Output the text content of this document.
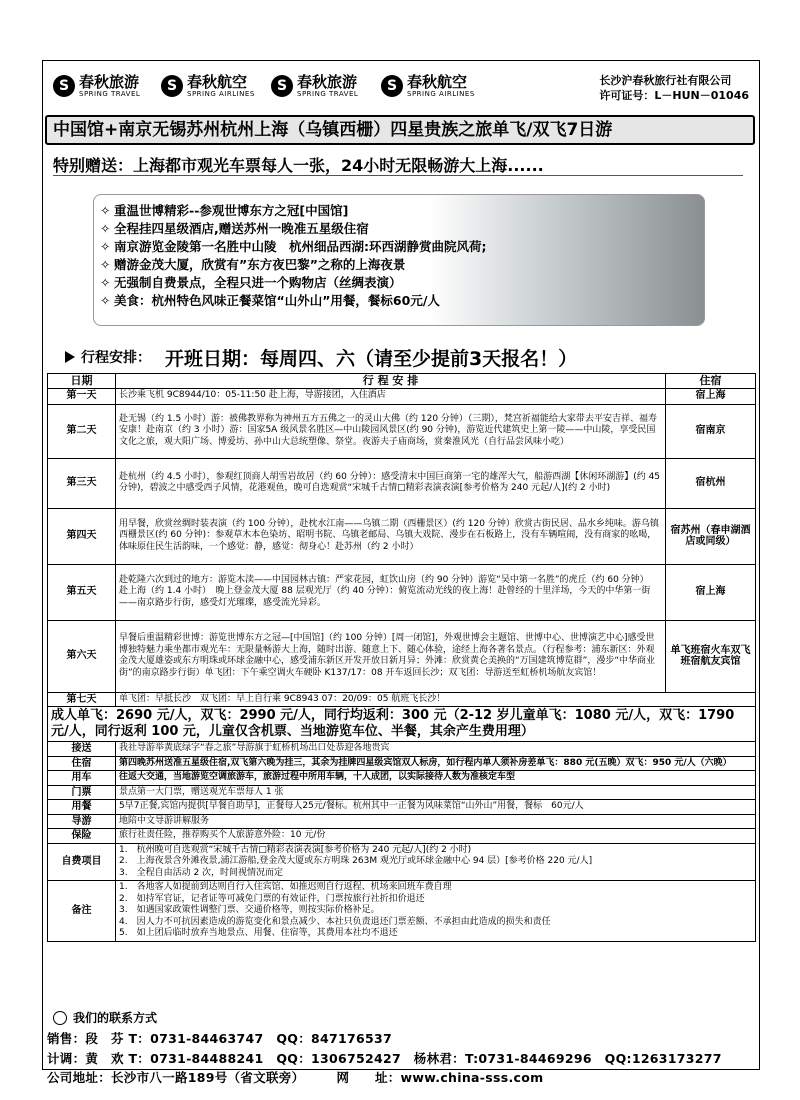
S 春秋旅游
SPRING TRAVEL	S 春秋航空
SPRING AIRLINES	S 春秋旅游
SPRING TRAVEL	S 春秋航空
SPRING AIRLINES
长沙沪春秋旅行社有限公司
许可证号：L－HUN－01046
中国馆+南京无锡苏州杭州上海（乌镇西栅）四星贵族之旅单飞/双飞7日游
特别赠送：上海都市观光车票每人一张，24小时无限畅游大上海......
✧ 重温世博精彩--参观世博东方之冠[中国馆]
✧ 全程挂四星级酒店,赠送苏州一晚准五星级住宿
✧ 南京游览金陵第一名胜中山陵　杭州细品西湖:环西湖静赏曲院风荷;
✧ 赠游金茂大厦，欣赏有”东方夜巴黎”之称的上海夜景
✧ 无强制自费景点，全程只进一个购物店（丝绸表演）
✧ 美食：杭州特色风味正餐菜馆“山外山”用餐，餐标60元/人
行程安排： 开班日期：每周四、六（请至少提前3天报名！）
日期	行 程 安 排	住宿
第一天	长沙乘飞机 9C8944/10：05-11:50 赴上海，导游接团，入住酒店	宿上海
第二天	赴无锡（约 1.5 小时）游：被佛教界称为神州五方五佛之一的灵山大佛（约 120 分钟）（三期），梵宫祈福能给大家带去平安吉祥、福寿安康！赴南京（约 3 小时）游：国家5A 级风景名胜区—中山陵园风景区(约 90 分钟)，游览近代建筑史上第一陵——中山陵，享受民国文化之旅，观大阳广场、博爱坊、孙中山大总统塑像、祭堂。夜游夫子庙商场，赏秦淮风光（自行品尝风味小吃）	宿南京
第三天	赴杭州（约 4.5 小时），参观红顶商人胡雪岩故居（约 60 分钟）：感受清末中国巨商第一宅的雄浑大气，船游西湖【休闲环湖游】(约 45 分钟)，碧波之中感受西子风情，花港观鱼，晚可自选观赏“宋城千古情□精彩表演表演[参考价格为 240 元起/人](约 2 小时)	宿杭州
第四天	用早餐，欣赏丝绸时装表演（约 100 分钟），赴枕水江南——乌镇二期（西栅景区）(约 120 分钟）欣赏古街民居、品水乡纯味。游乌镇西栅景区(约 60 分钟)：参观草木本色染坊、昭明书院、乌镇老邮局、乌镇大戏院、漫步在石板路上，没有车辆喧闹，没有商家的吆喝，体味原住民生活韵味，一个感觉：静，感觉：彻身心！赴苏州（约 2 小时）	宿苏州（春申湖酒店或同级）
第五天	赴乾隆六次到过的地方：游览木渎——中国园林古镇：严家花园，虹饮山房（约 90 分钟）游览“吴中第一名胜”的虎丘（约 60 分钟）　　赴上海（约 1.4 小时）　晚上登金茂大厦 88 层观光厅（约 40 分钟）：俯览流动光线的夜上海！赴曾经的十里洋场，今天的中华第一街——南京路步行街，感受灯光璀璨，感受流光异彩。	宿上海
第六天	早餐后重温精彩世博：游览世博东方之冠—[中国馆]（约 100 分钟）[周一闭馆]，外观世博会主题馆、世博中心、世博演艺中心]感受世博独特魅力乘坐都市观光车：无限量畅游大上海，随时出游、随意上下、随心体验，途经上海各著名景点。（行程参考：浦东新区：外观金茂大厦雄姿或东方明珠或环球金融中心，感受浦东新区开发开放日新月异；外滩：欣赏黄仑美换的“万国建筑博览群”，漫步“中华商业街”的南京路步行街）单飞团：下午乘空调火车硬卧 K137/17：08 开车返回长沙；双飞团：导游送至虹桥机场航友宾馆！	单飞班宿火车双飞班宿航友宾馆
第七天	单飞团：早抵长沙　双飞团：早上自行乘 9C8943 07：20/09：05 航班飞长沙！	
成人单飞：2690 元/人，双飞：2990 元/人，同行均返利：300 元（2-12 岁儿童单飞：1080 元/人，双飞：1790 元/人，同行返利 100 元，儿童仅含机票、当地游览车位、半餐，其余产生费用理）		
接送	我社导游举黄底绿字“春之旅”导游旗于虹桥机场出口处恭迎各地贵宾	
住宿	第四晚苏州送准五星级住宿,双飞第六晚为挂三，其余为挂牌四星级宾馆双人标房，如行程内单人须补房差单飞：880 元(五晚）双飞：950 元/人（六晚）	
用车	往返大交通，当地游览空调旅游车，旅游过程中所用车辆，十人成团，以实际接待人数为准核定车型	
门票	景点第一大门票，赠送观光车票每人 1 张	
用餐	5早7正餐,宾馆内提供[早餐自助早]，正餐每人25元/餐标。杭州其中一正餐为风味菜馆“山外山”用餐，餐标　60元/人	
导游	地陪中文导游讲解服务	
保险	旅行社责任险，推荐购买个人旅游意外险：10 元/份	
自费项目	1.　杭州晚可自选观赏“宋城千古情□精彩表演表演[参考价格为 240 元起/人](约 2 小时)
2.　上海夜景含外滩夜景,浦江游船,登金茂大厦或东方明珠 263M 观光厅或环球金融中心 94 层）[参考价格 220 元/人]
3.　全程自由活动 2 次，时间视情况而定	

备注	1.　各地客人如提前到达则自行入住宾馆、如推迟则自行返程、机场来回班车费自理
2.　如持军官证，记者证等可减免门票的有效证件，门票按旅行社折扣价退还
3.　如遇国家政策性调整门票、交通价格等，则按实际价格补足。
4.　因人力不可抗因素造成的游览变化和景点减少、本社只负责退还门票差额、不承担由此造成的损失和责任
5.　如上团后临时放弃当地景点、用餐、住宿等，其费用本社均不退还	
我们的联系方式
销售：段　芬 T：0731-84463747　QQ：847176537
计调：黄　欢 T：0731-84488241　QQ：1306752427　杨林君：T:0731-84469296　QQ:1263173277
公司地址：长沙市八一路189号（省文联旁）　　　网　　址：www.china-sss.com
